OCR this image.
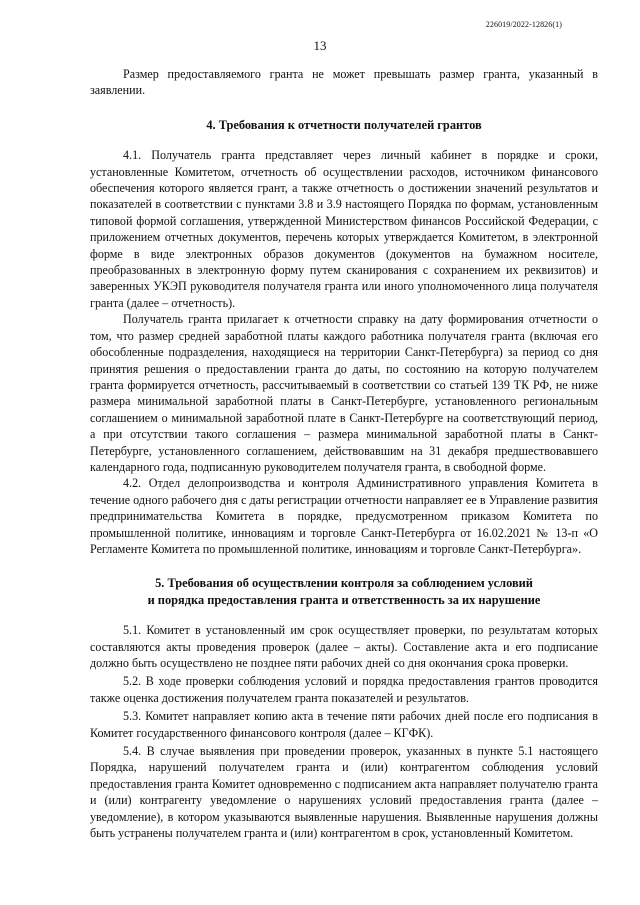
226019/2022-12826(1)
13

Размер предоставляемого гранта не может превышать размер гранта, указанный в заявлении.

4. Требования к отчетности получателей грантов

4.1. Получатель гранта представляет через личный кабинет в порядке и сроки, установленные Комитетом, отчетность об осуществлении расходов, источником финансового обеспечения которого является грант, а также отчетность о достижении значений результатов и показателей в соответствии с пунктами 3.8 и 3.9 настоящего Порядка по формам, установленным типовой формой соглашения, утвержденной Министерством финансов Российской Федерации, с приложением отчетных документов, перечень которых утверждается Комитетом, в электронной форме в виде электронных образов документов (документов на бумажном носителе, преобразованных в электронную форму путем сканирования с сохранением их реквизитов) и заверенных УКЭП руководителя получателя гранта или иного уполномоченного лица получателя гранта (далее – отчетность).

Получатель гранта прилагает к отчетности справку на дату формирования отчетности о том, что размер средней заработной платы каждого работника получателя гранта (включая его обособленные подразделения, находящиеся на территории Санкт-Петербурга) за период со дня принятия решения о предоставлении гранта до даты, по состоянию на которую получателем гранта формируется отчетность, рассчитываемый в соответствии со статьей 139 ТК РФ, не ниже размера минимальной заработной платы в Санкт-Петербурге, установленного региональным соглашением о минимальной заработной плате в Санкт-Петербурге на соответствующий период, а при отсутствии такого соглашения – размера минимальной заработной платы в Санкт-Петербурге, установленного соглашением, действовавшим на 31 декабря предшествовавшего календарного года, подписанную руководителем получателя гранта, в свободной форме.

4.2. Отдел делопроизводства и контроля Административного управления Комитета в течение одного рабочего дня с даты регистрации отчетности направляет ее в Управление развития предпринимательства Комитета в порядке, предусмотренном приказом Комитета по промышленной политике, инновациям и торговле Санкт-Петербурга от 16.02.2021 № 13-п «О Регламенте Комитета по промышленной политике, инновациям и торговле Санкт-Петербурга».

5. Требования об осуществлении контроля за соблюдением условий

и порядка предоставления гранта и ответственность за их нарушение

5.1. Комитет в установленный им срок осуществляет проверки, по результатам которых составляются акты проведения проверок (далее – акты). Составление акта и его подписание должно быть осуществлено не позднее пяти рабочих дней со дня окончания срока проверки.

5.2. В ходе проверки соблюдения условий и порядка предоставления грантов проводится также оценка достижения получателем гранта показателей и результатов.

5.3. Комитет направляет копию акта в течение пяти рабочих дней после его подписания в Комитет государственного финансового контроля (далее – КГФК).

5.4. В случае выявления при проведении проверок, указанных в пункте 5.1 настоящего Порядка, нарушений получателем гранта и (или) контрагентом соблюдения условий предоставления гранта Комитет одновременно с подписанием акта направляет получателю гранта и (или) контрагенту уведомление о нарушениях условий предоставления гранта (далее – уведомление), в котором указываются выявленные нарушения. Выявленные нарушения должны быть устранены получателем гранта и (или) контрагентом в срок, установленный Комитетом.
